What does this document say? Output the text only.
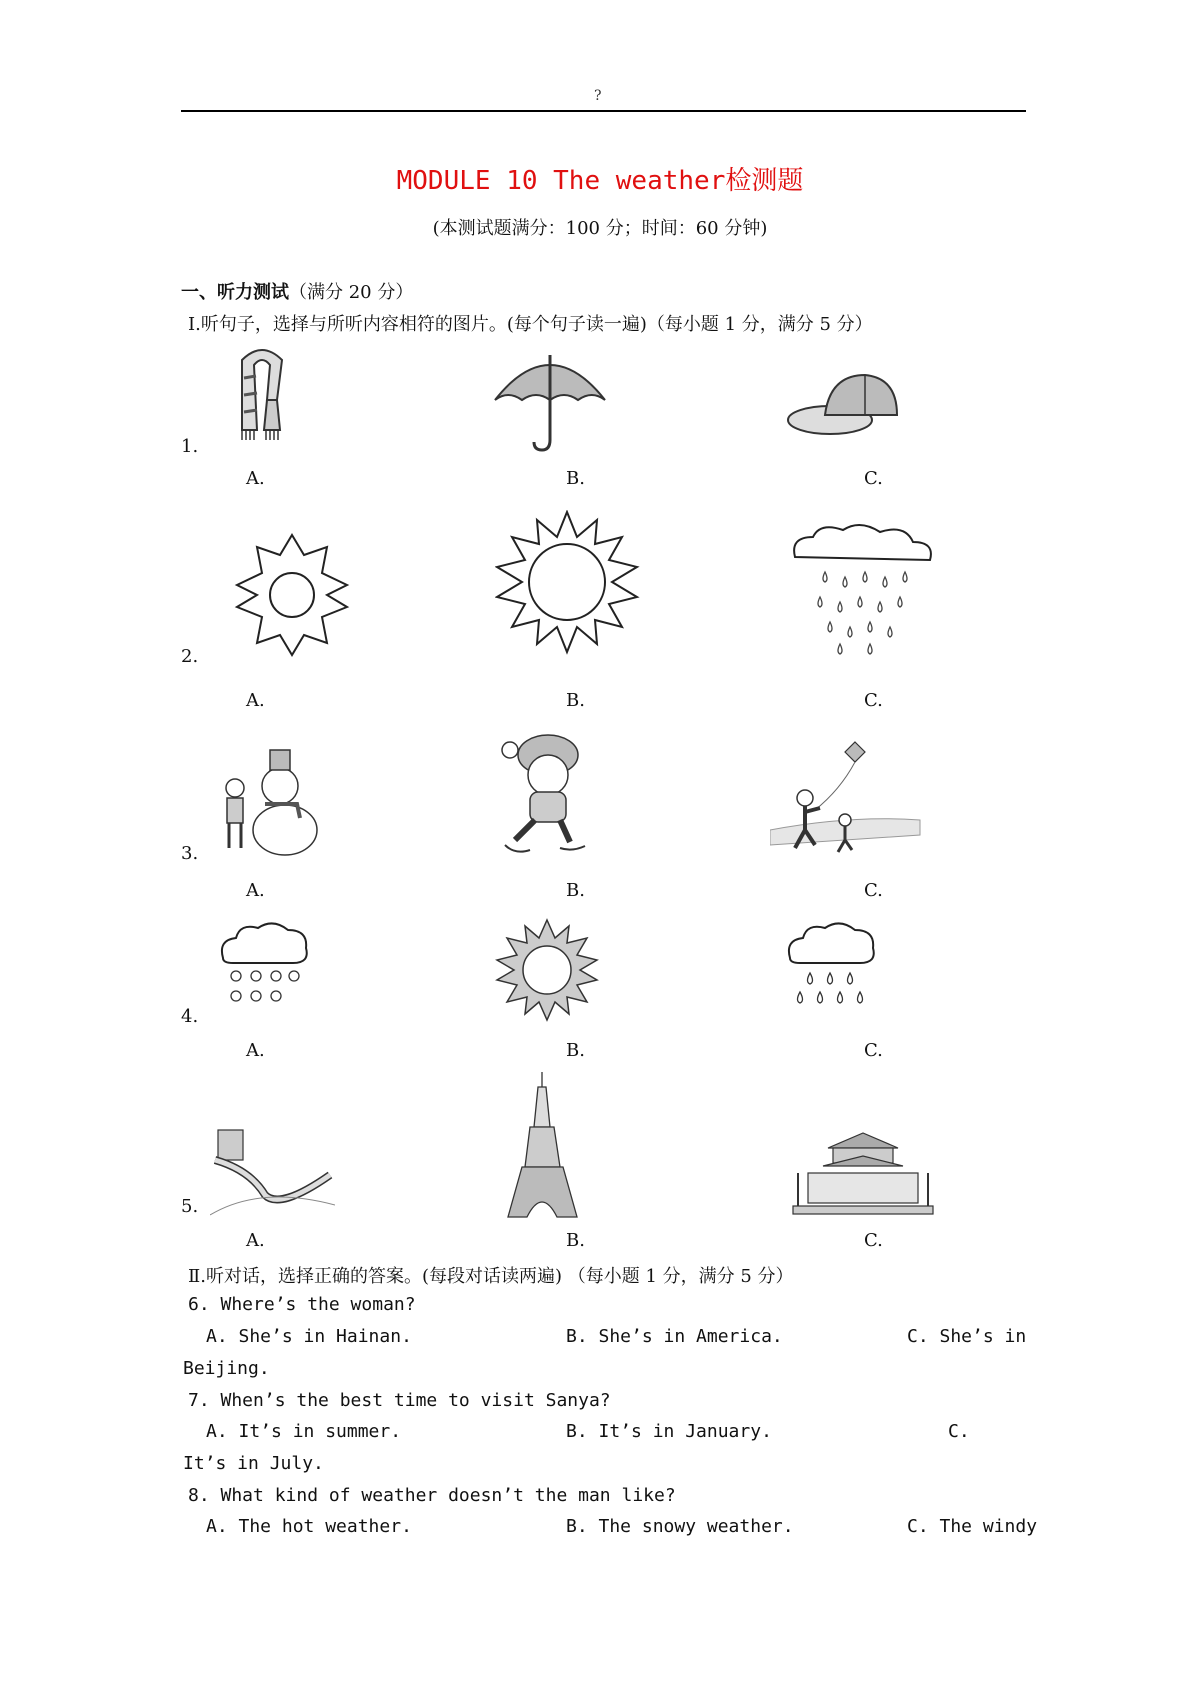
?
MODULE 10 The weather检测题
(本测试题满分：100 分；时间：60 分钟)
一、听力测试（满分 20 分）
Ⅰ.听句子，选择与所听内容相符的图片。(每个句子读一遍)（每小题 1 分，满分 5 分）
1.
A.	B.	C.
2.
A.	B.	C.
3.
A.	B.	C.
4.
A.	B.	C.
5.
A.	B.	C.
Ⅱ.听对话，选择正确的答案。(每段对话读两遍) （每小题 1 分，满分 5 分）
6. Where’s the woman?
A. She’s in Hainan.	B. She’s in America.	C. She’s in
Beijing.
7. When’s the best time to visit Sanya?
A. It’s in summer.	B. It’s in January.	C.
It’s in July.
8. What kind of weather doesn’t the man like?
A. The hot weather.	B. The snowy weather.	C. The windy
